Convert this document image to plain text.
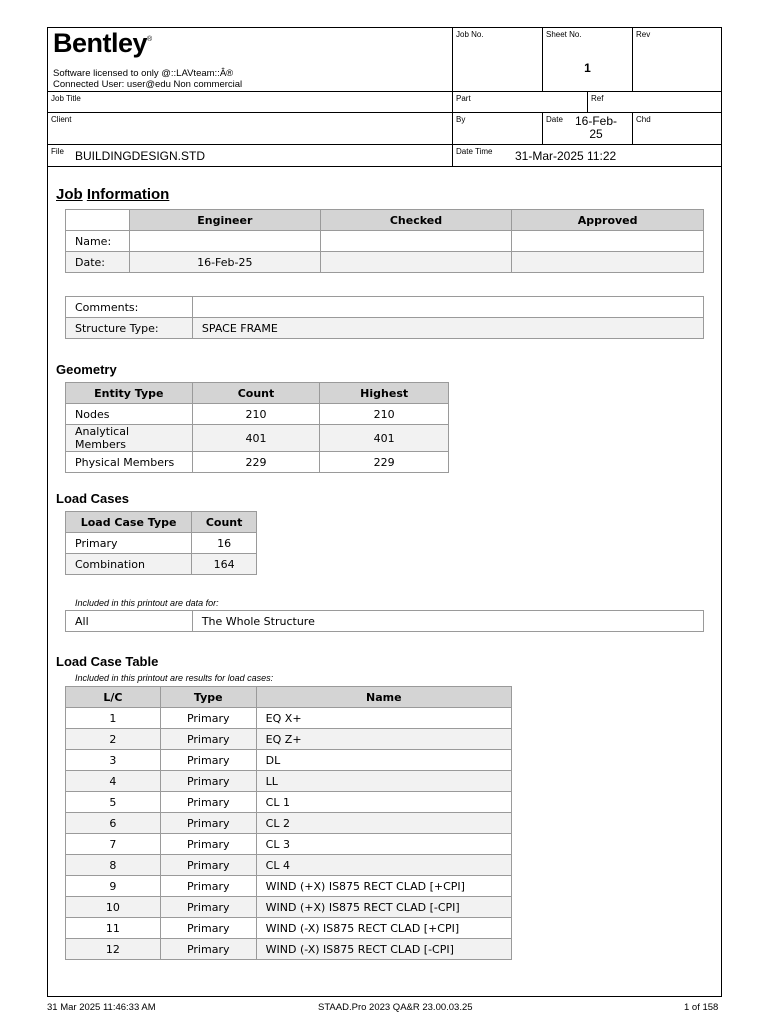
Bentley®
Software licensed to only @::LAVteam::Â®
Connected User: user@edu Non commercial
Job No.	Sheet No.
1
Rev
Job Title	Part	Ref
Client	By	Date	16-Feb-25
Chd
File BUILDINGDESIGN.STD	Date Time 31-Mar-2025 11:22
Job Information
	Engineer	Checked	Approved
Name:			
Date:	16-Feb-25		
Comments:	
Structure Type:	SPACE FRAME
Geometry
Entity Type	Count	Highest
Nodes	210	210
Analytical Members	401	401
Physical Members	229	229
Load Cases
Load Case Type	Count
Primary	16
Combination	164
Included in this printout are data for:
All	The Whole Structure
Load Case Table
Included in this printout are results for load cases:
L/C	Type	Name
1	Primary	EQ X+
2	Primary	EQ Z+
3	Primary	DL
4	Primary	LL
5	Primary	CL 1
6	Primary	CL 2
7	Primary	CL 3
8	Primary	CL 4
9	Primary	WIND (+X) IS875 RECT CLAD [+CPI]
10	Primary	WIND (+X) IS875 RECT CLAD [-CPI]
11	Primary	WIND (-X) IS875 RECT CLAD [+CPI]
12	Primary	WIND (-X) IS875 RECT CLAD [-CPI]
31 Mar 2025 11:46:33 AM	STAAD.Pro 2023 QA&R 23.00.03.25	1 of 158
